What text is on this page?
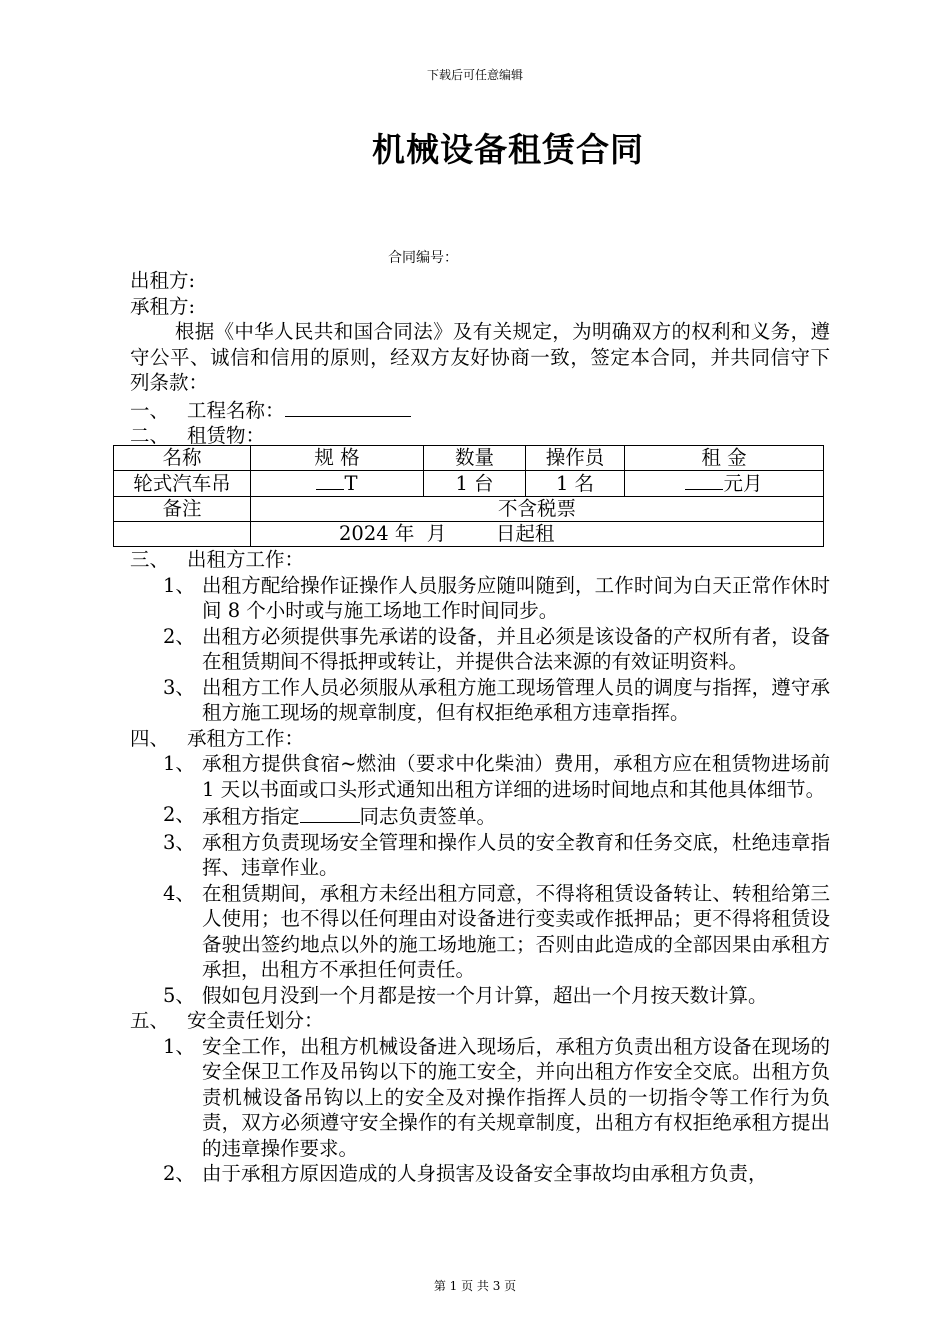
下载后可任意编辑
机械设备租赁合同
合同编号：
出租方:
承租方:
根据《中华人民共和国合同法》及有关规定，为明确双方的权利和义务，遵守公平、诚信和信用的原则，经双方友好协商一致，签定本合同，并共同信守下列条款：
一、 工程名称：
二、 租赁物：
名称	规 格	数量	操作员	租 金
轮式汽车吊	T	1 台	1 名	元月
备注	不含税票			
	2024 年 月 日起租			
三、 出租方工作：
1、 出租方配给操作证操作人员服务应随叫随到，工作时间为白天正常作休时间 8 个小时或与施工场地工作时间同步。
2、 出租方必须提供事先承诺的设备，并且必须是该设备的产权所有者，设备在租赁期间不得抵押或转让，并提供合法来源的有效证明资料。
3、 出租方工作人员必须服从承租方施工现场管理人员的调度与指挥，遵守承租方施工现场的规章制度，但有权拒绝承租方违章指挥。
四、 承租方工作：
1、 承租方提供食宿~燃油（要求中化柴油）费用，承租方应在租赁物进场前 1 天以书面或口头形式通知出租方详细的进场时间地点和其他具体细节。
2、 承租方指定	同志负责签单。
3、 承租方负责现场安全管理和操作人员的安全教育和任务交底，杜绝违章指挥、违章作业。
4、 在租赁期间，承租方未经出租方同意，不得将租赁设备转让、转租给第三人使用；也不得以任何理由对设备进行变卖或作抵押品；更不得将租赁设备驶出签约地点以外的施工场地施工；否则由此造成的全部因果由承租方承担，出租方不承担任何责任。
5、 假如包月没到一个月都是按一个月计算，超出一个月按天数计算。
五、 安全责任划分：
1、 安全工作，出租方机械设备进入现场后，承租方负责出租方设备在现场的安全保卫工作及吊钩以下的施工安全，并向出租方作安全交底。出租方负责机械设备吊钩以上的安全及对操作指挥人员的一切指令等工作行为负责，双方必须遵守安全操作的有关规章制度，出租方有权拒绝承租方提出的违章操作要求。
2、 由于承租方原因造成的人身损害及设备安全事故均由承租方负责，
第 1 页 共 3 页
